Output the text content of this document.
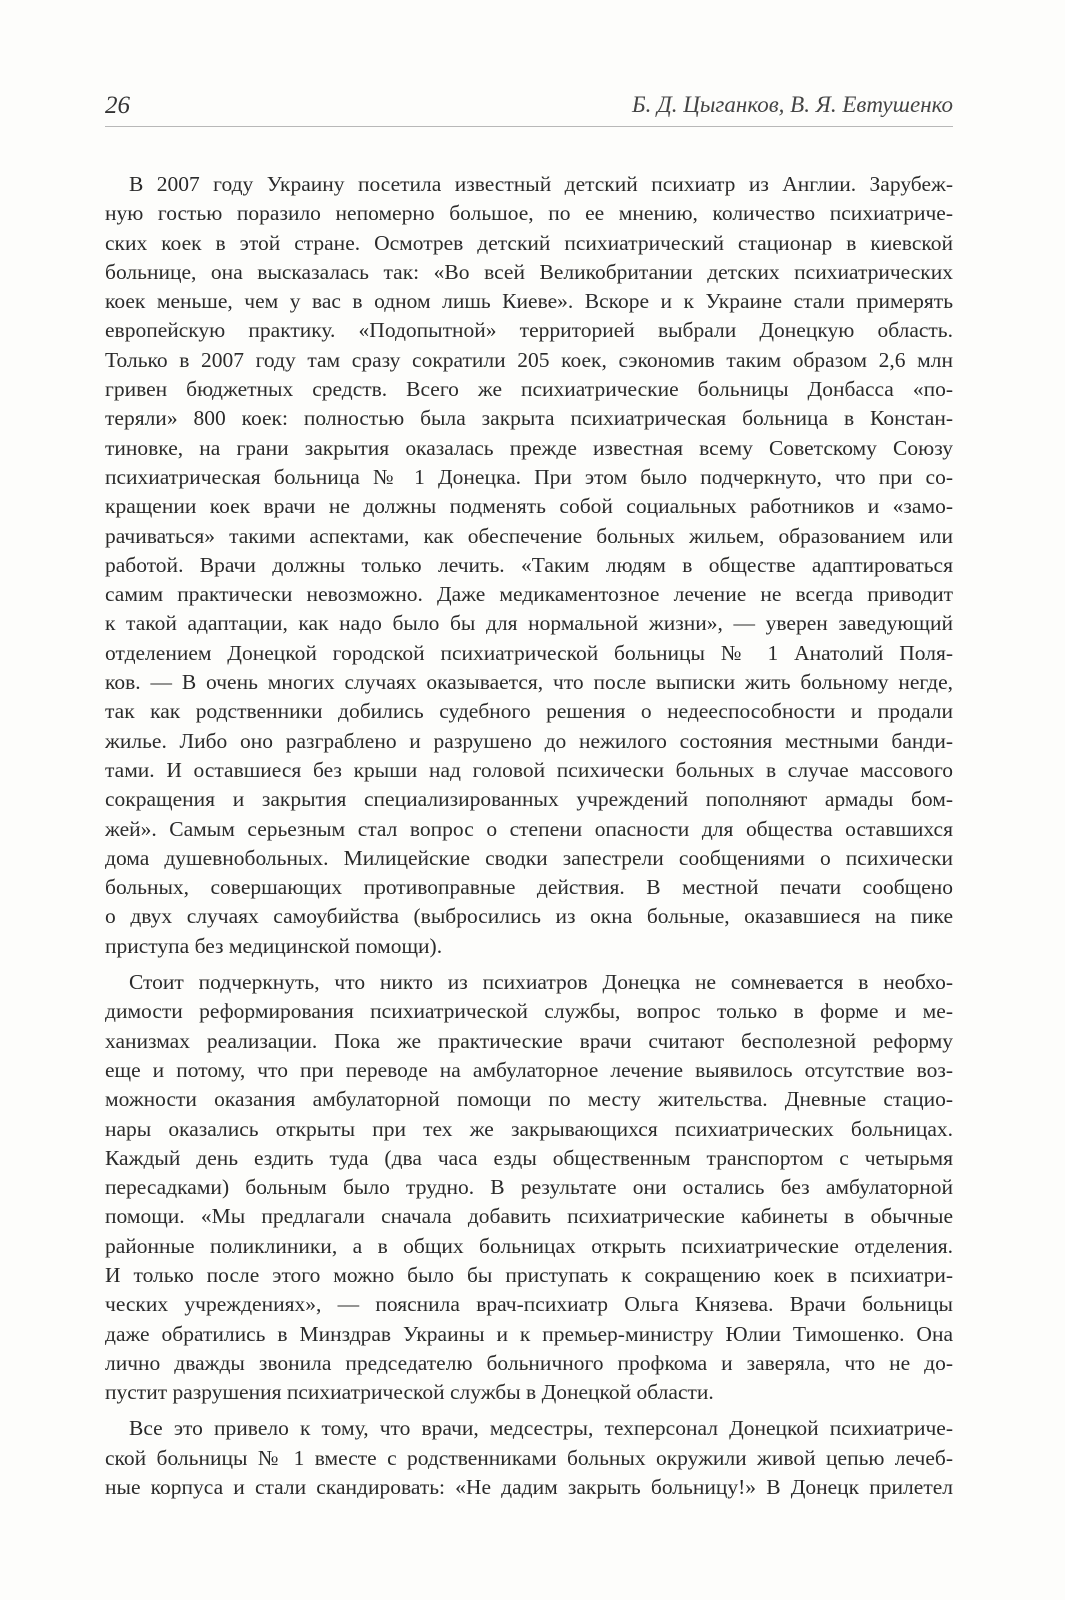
26	Б. Д. Цыганков, В. Я. Евтушенко
В 2007 году Украину посетила известный детский психиатр из Англии. Зарубеж-
ную гостью поразило непомерно большое, по ее мнению, количество психиатриче-
ских коек в этой стране. Осмотрев детский психиатрический стационар в киевской
больнице, она высказалась так: «Во всей Великобритании детских психиатрических
коек меньше, чем у вас в одном лишь Киеве». Вскоре и к Украине стали примерять
европейскую практику. «Подопытной» территорией выбрали Донецкую область.
Только в 2007 году там сразу сократили 205 коек, сэкономив таким образом 2,6 млн
гривен бюджетных средств. Всего же психиатрические больницы Донбасса «по-
теряли» 800 коек: полностью была закрыта психиатрическая больница в Констан-
тиновке, на грани закрытия оказалась прежде известная всему Советскому Союзу
психиатрическая больница № 1 Донецка. При этом было подчеркнуто, что при со-
кращении коек врачи не должны подменять собой социальных работников и «замо-
рачиваться» такими аспектами, как обеспечение больных жильем, образованием или
работой. Врачи должны только лечить. «Таким людям в обществе адаптироваться
самим практически невозможно. Даже медикаментозное лечение не всегда приводит
к такой адаптации, как надо было бы для нормальной жизни», — уверен заведующий
отделением Донецкой городской психиатрической больницы № 1 Анатолий Поля-
ков. — В очень многих случаях оказывается, что после выписки жить больному негде,
так как родственники добились судебного решения о недееспособности и продали
жилье. Либо оно разграблено и разрушено до нежилого состояния местными банди-
тами. И оставшиеся без крыши над головой психически больных в случае массового
сокращения и закрытия специализированных учреждений пополняют армады бом-
жей». Самым серьезным стал вопрос о степени опасности для общества оставшихся
дома душевнобольных. Милицейские сводки запестрели сообщениями о психически
больных, совершающих противоправные действия. В местной печати сообщено
о двух случаях самоубийства (выбросились из окна больные, оказавшиеся на пике
приступа без медицинской помощи).
Стоит подчеркнуть, что никто из психиатров Донецка не сомневается в необхо-
димости реформирования психиатрической службы, вопрос только в форме и ме-
ханизмах реализации. Пока же практические врачи считают бесполезной реформу
еще и потому, что при переводе на амбулаторное лечение выявилось отсутствие воз-
можности оказания амбулаторной помощи по месту жительства. Дневные стацио-
нары оказались открыты при тех же закрывающихся психиатрических больницах.
Каждый день ездить туда (два часа езды общественным транспортом с четырьмя
пересадками) больным было трудно. В результате они остались без амбулаторной
помощи. «Мы предлагали сначала добавить психиатрические кабинеты в обычные
районные поликлиники, а в общих больницах открыть психиатрические отделения.
И только после этого можно было бы приступать к сокращению коек в психиатри-
ческих учреждениях», — пояснила врач-психиатр Ольга Князева. Врачи больницы
даже обратились в Минздрав Украины и к премьер-министру Юлии Тимошенко. Она
лично дважды звонила председателю больничного профкома и заверяла, что не до-
пустит разрушения психиатрической службы в Донецкой области.
Все это привело к тому, что врачи, медсестры, техперсонал Донецкой психиатриче-
ской больницы № 1 вместе с родственниками больных окружили живой цепью лечеб-
ные корпуса и стали скандировать: «Не дадим закрыть больницу!» В Донецк прилетел
